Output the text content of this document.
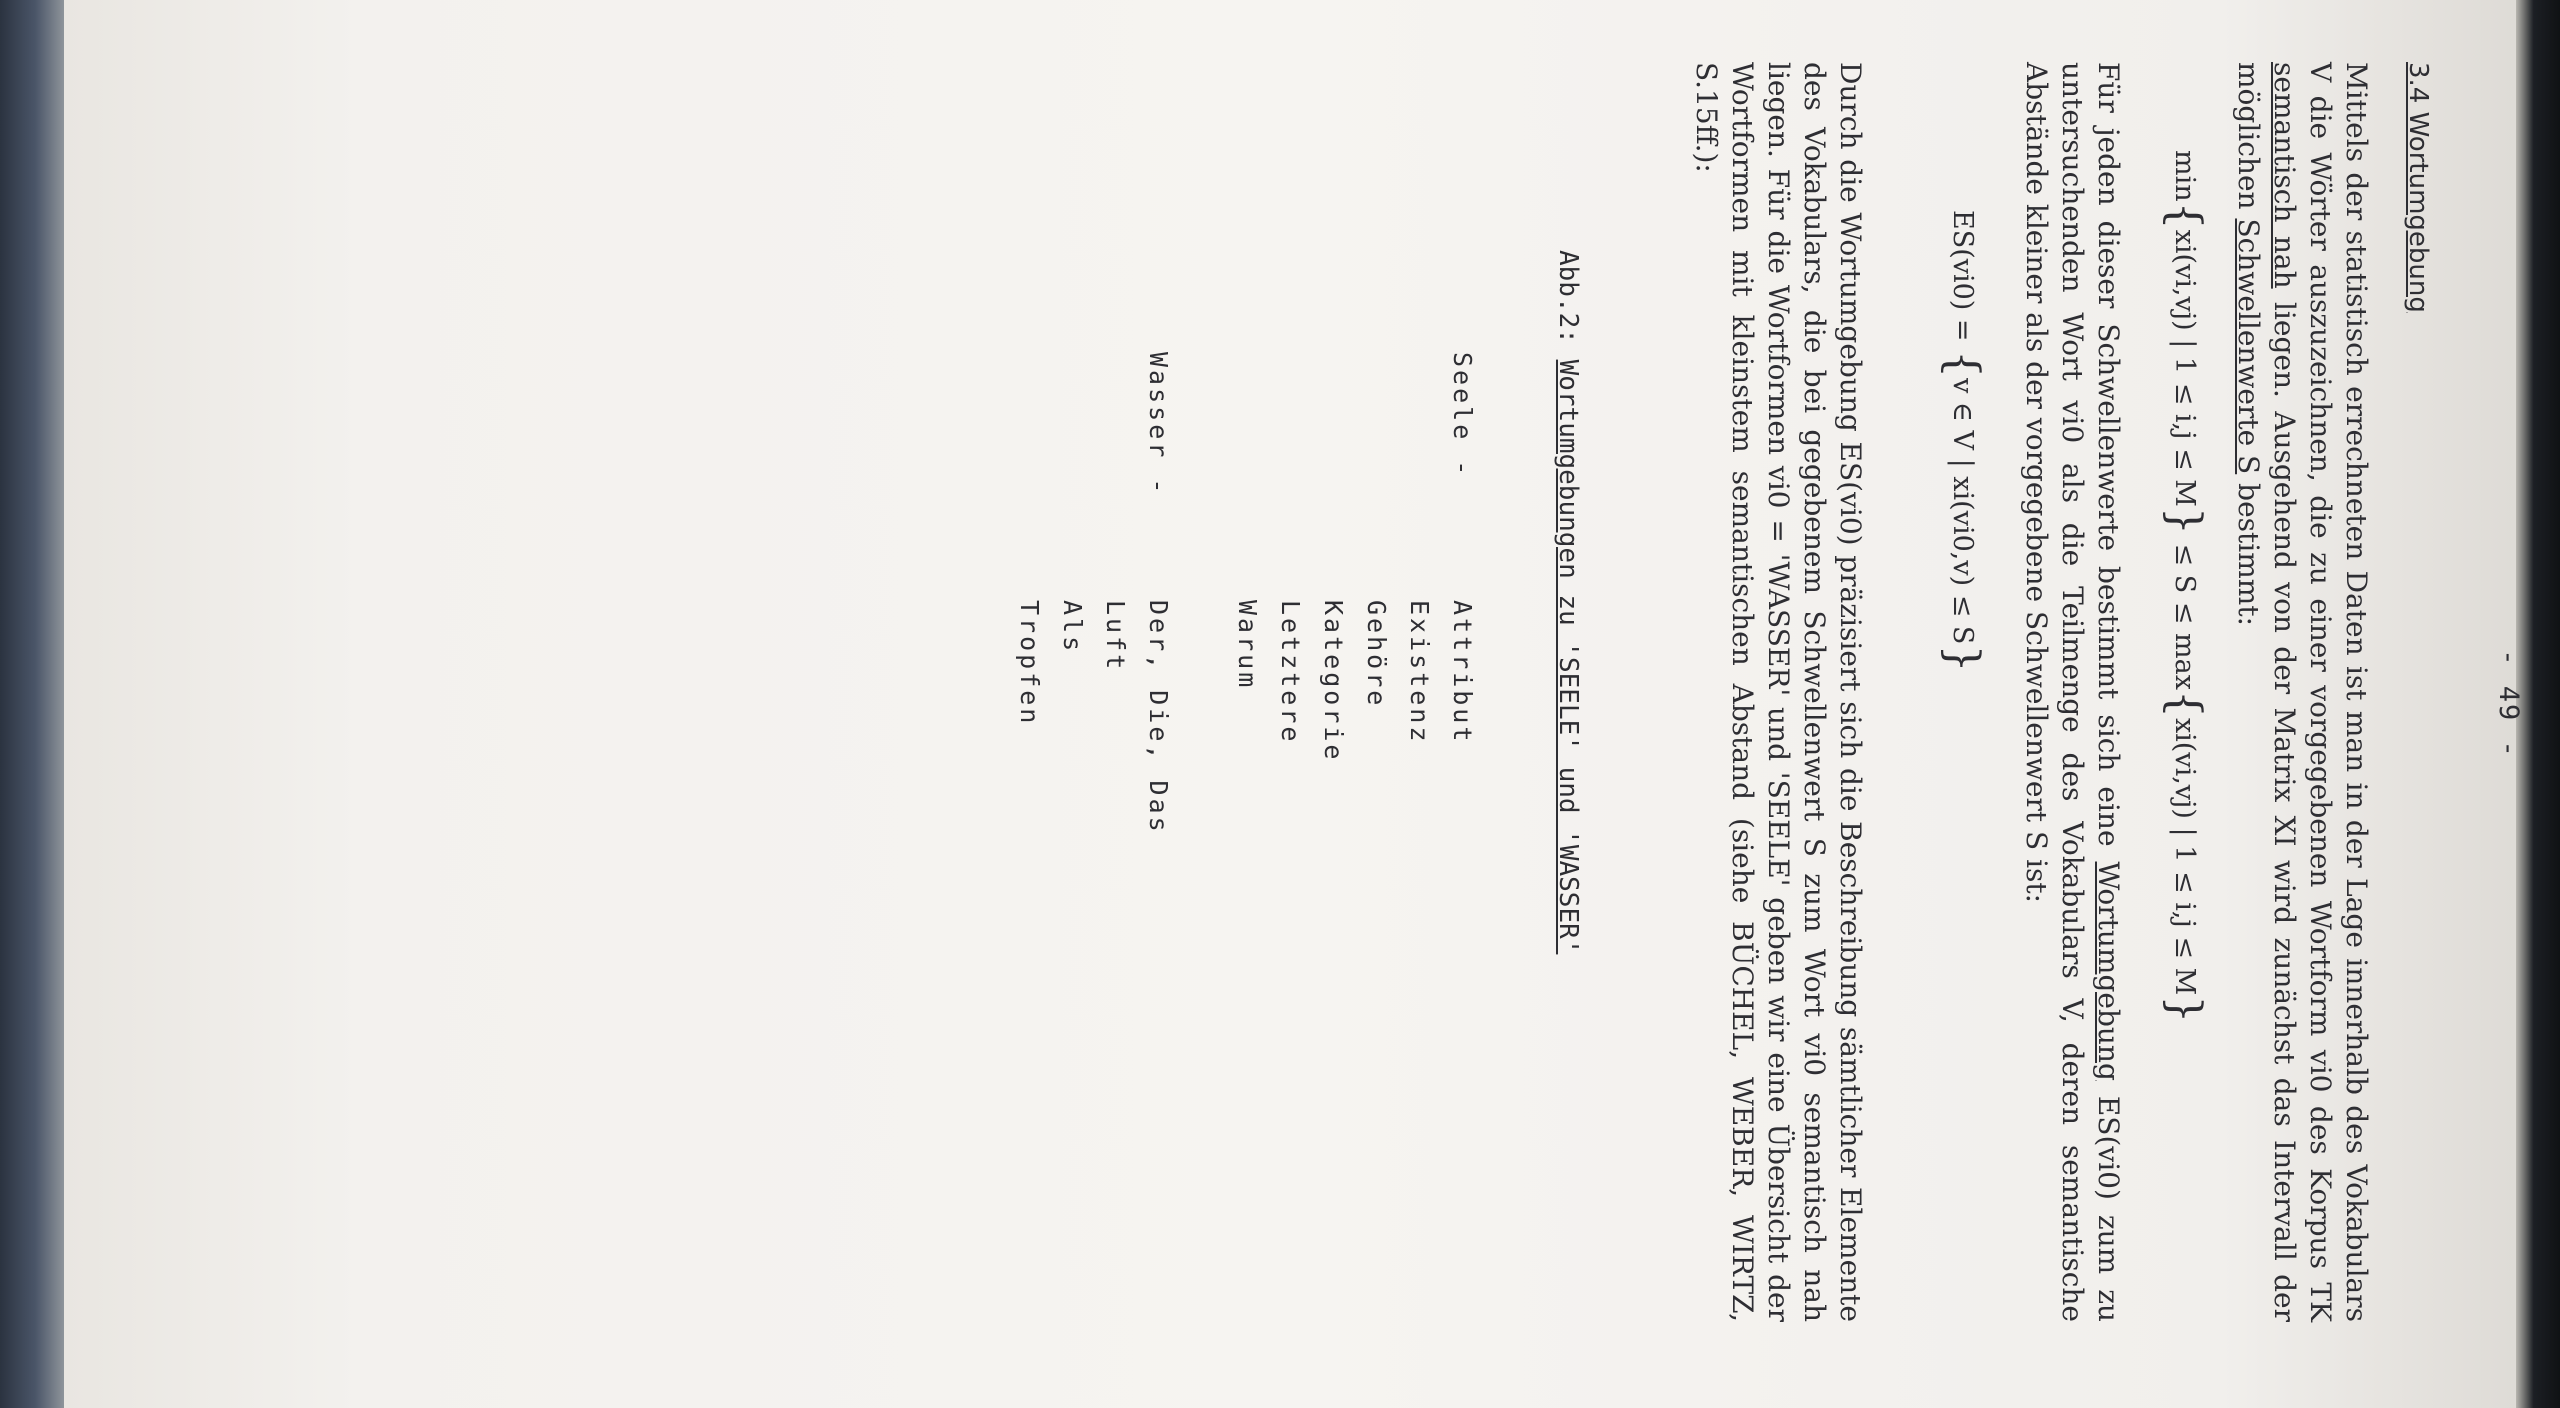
- 49 -
3.4 Wortumgebung

Mittels der statistisch errechneten Daten ist man in der Lage innerhalb des Vokabulars V die Wörter auszuzeichnen, die zu einer vorgegebenen Wortform vi0 des Korpus TK semantisch nah liegen. Ausgehend von der Matrix XI wird zunächst das Intervall der möglichen Schwellenwerte S bestimmt:

min{xi(vi,vj) | 1 ≤ i,j ≤ M} ≤ S ≤ max{xi(vi,vj) | 1 ≤ i,j ≤ M}

Für jeden dieser Schwellenwerte bestimmt sich eine Wortumgebung ES(vi0) zum zu untersuchenden Wort vi0 als die Teilmenge des Vokabulars V, deren semantische Abstände kleiner als der vorgegebene Schwellenwert S ist:

ES(vi0) = {v ∈ V | xi(vi0,v) ≤ S}

Durch die Wortumgebung ES(vi0) präzisiert sich die Beschreibung sämtlicher Elemente des Vokabulars, die bei gegebenem Schwellenwert S zum Wort vi0 semantisch nah liegen. Für die Wortformen vi0 = 'WASSER' und 'SEELE' geben wir eine Übersicht der Wortformen mit kleinstem semantischen Abstand (siehe BÜCHEL, WEBER, WIRTZ, S.15ff.):

Abb.2: Wortumgebungen zu 'SEELE' und 'WASSER'
Seele -
Attribut
Existenz
Gehöre
Kategorie
Letztere
Warum
Wasser -
Der, Die, Das
Luft
Als
Tropfen
